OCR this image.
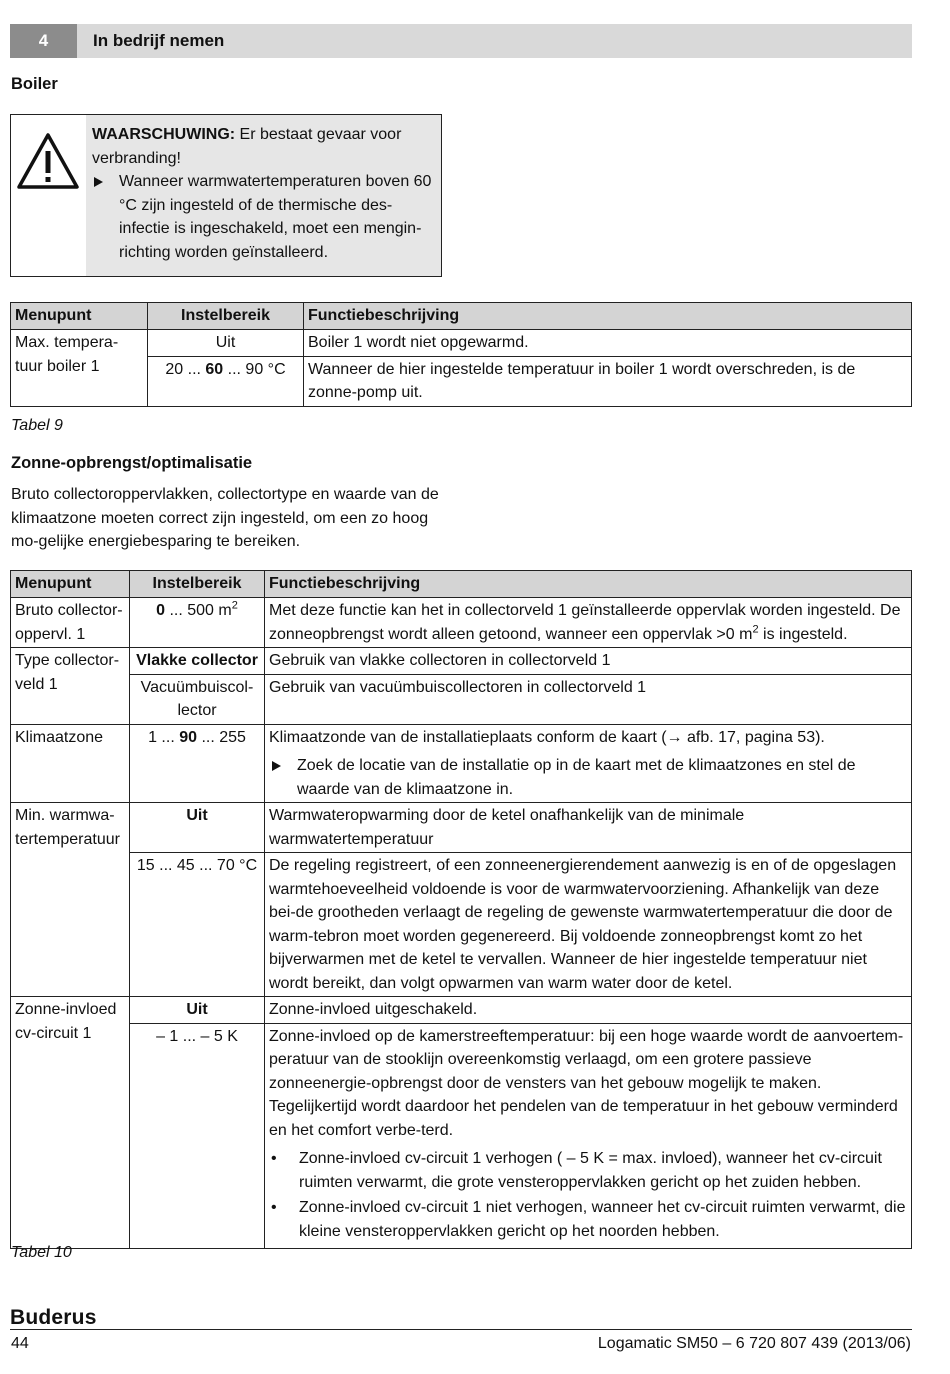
4	In bedrijf nemen
Boiler
WAARSCHUWING: Er bestaat gevaar voor verbranding!
Wanneer warmwatertemperaturen boven 60 °C zijn ingesteld of de thermische des-infectie is ingeschakeld, moet een mengin-richting worden geïnstalleerd.
Menupunt	Instelbereik	Functiebeschrijving
Max. tempera-tuur boiler 1	Uit	Boiler 1 wordt niet opgewarmd.
	20 ... 60 ... 90 °C	Wanneer de hier ingestelde temperatuur in boiler 1 wordt overschreden, is de zonne-pomp uit.
Tabel 9
Zonne-opbrengst/optimalisatie
Bruto collectoroppervlakken, collectortype en waarde van de klimaatzone moeten correct zijn ingesteld, om een zo hoog mo-gelijke energiebesparing te bereiken.
Menupunt	Instelbereik	Functiebeschrijving
Bruto collector-oppervl. 1	0 ... 500 $m^2$	Met deze functie kan het in collectorveld 1 geïnstalleerde oppervlak worden ingesteld. De zonneopbrengst wordt alleen getoond, wanneer een oppervlak >0 $m^2$ is ingesteld.
Type collector-veld 1	Vlakke collector	Gebruik van vlakke collectoren in collectorveld 1
	Vacuümbuiscol-lector	Gebruik van vacuümbuiscollectoren in collectorveld 1
Klimaatzone	1 ... 90 ... 255	Klimaatzonde van de installatieplaats conform de kaart (→ afb. 17, pagina 53).
Zoek de locatie van de installatie op in de kaart met de klimaatzones en stel de waarde van de klimaatzone in.

Min. warmwa-tertemperatuur	Uit	Warmwateropwarming door de ketel onafhankelijk van de minimale warmwatertemperatuur
	15 ... 45 ... 70 °C	De regeling registreert, of een zonneenergierendement aanwezig is en of de opgeslagen warmtehoeveelheid voldoende is voor de warmwatervoorziening. Afhankelijk van deze bei-de grootheden verlaagt de regeling de gewenste warmwatertemperatuur die door de warm-tebron moet worden gegenereerd. Bij voldoende zonneopbrengst komt zo het bijverwarmen met de ketel te vervallen. Wanneer de hier ingestelde temperatuur niet wordt bereikt, dan volgt opwarmen van warm water door de ketel.
Zonne-invloed cv-circuit 1	Uit	Zonne-invloed uitgeschakeld.
	– 1 ... – 5 K	Zonne-invloed op de kamerstreeftemperatuur: bij een hoge waarde wordt de aanvoertem-peratuur van de stooklijn overeenkomstig verlaagd, om een grotere passieve zonneenergie-opbrengst door de vensters van het gebouw mogelijk te maken. Tegelijkertijd wordt daardoor het pendelen van de temperatuur in het gebouw verminderd en het comfort verbe-terd.
• Zonne-invloed cv-circuit 1 verhogen ( – 5 K = max. invloed), wanneer het cv-circuit ruimten verwarmt, die grote vensteroppervlakken gericht op het zuiden hebben.
• Zonne-invloed cv-circuit 1 niet verhogen, wanneer het cv-circuit ruimten verwarmt, die kleine vensteroppervlakken gericht op het noorden hebben.
Tabel 10
Buderus
44	Logamatic SM50 – 6 720 807 439 (2013/06)
